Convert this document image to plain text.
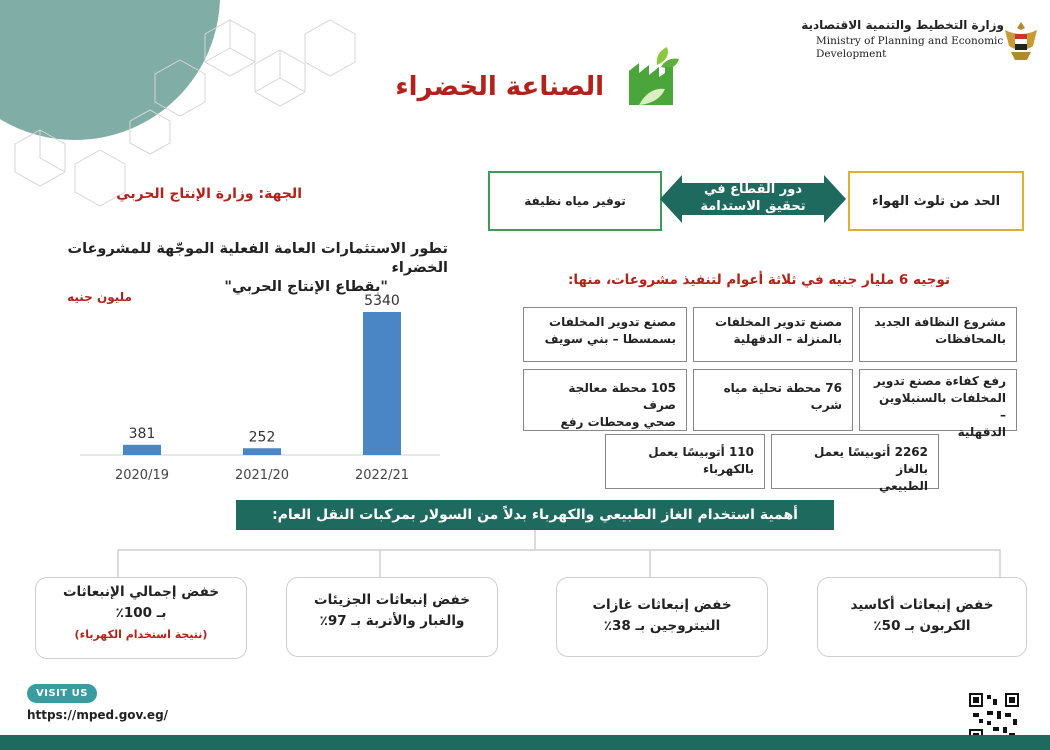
وزارة التخطيط والتنمية الاقتصادية
Ministry of Planning and Economic
Development
الصناعة الخضراء
الحد من تلوث الهواء
توفير مياه نظيفة
دور القطاع في
تحقيق الاستدامة
الجهة: وزارة الإنتاج الحربي
تطور الاستثمارات العامة الفعلية الموجّهة للمشروعات الخضراء
"بقطاع الإنتاج الحربي"
مليون جنيه
381
2020/19
252
2021/20
5340
2022/21
توجيه 6 مليار جنيه في ثلاثة أعوام لتنفيذ مشروعات، منها:
مشروع النظافة الجديد
بالمحافظات
مصنع تدوير المخلفات
بالمنزلة – الدقهلية
مصنع تدوير المخلفات
بسمسطا – بني سويف
رفع كفاءة مصنع تدوير
المخلفات بالسنبلاوين –
الدقهلية
76 محطة تحلية مياه
شرب
105 محطة معالجة صرف
صحي ومحطات رفع
2262 أتوبيسًا يعمل بالغاز
الطبيعي
110 أتوبيسًا يعمل
بالكهرباء
أهمية استخدام الغاز الطبيعي والكهرباء بدلاً من السولار بمركبات النقل العام:
خفض إنبعاثات أكاسيد
الكربون بـ 50٪
خفض إنبعاثات غازات
النيتروجين بـ 38٪
خفض إنبعاثات الجزيئات
والغبار والأتربة بـ 97٪
خفض إجمالي الإنبعاثات
بـ 100٪
(نتيجة استخدام الكهرباء)
VISIT US
https://mped.gov.eg/
